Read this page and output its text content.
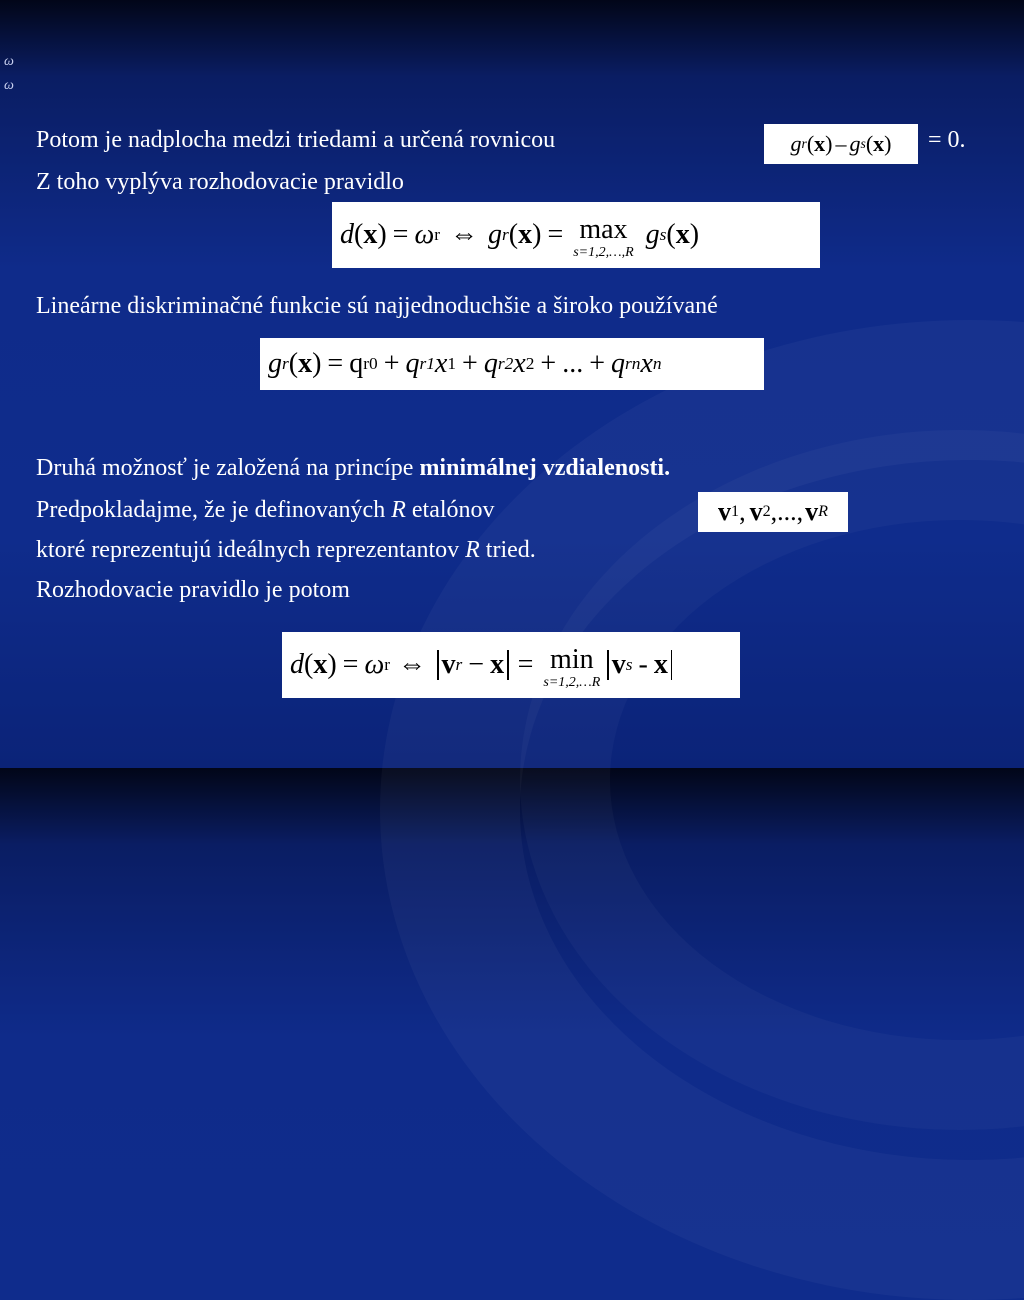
ω
ω
Potom je nadplocha medzi triedami a určená rovnicou	g r ( x ) – g s ( x )	= 0.
Z toho vyplýva rozhodovacie pravidlo
d ( x ) = ω r ⇔ g r ( x ) = max
s=1,2,…,R
g s ( x )
Lineárne diskriminačné funkcie sú najjednoduchšie a široko používané
g r ( x ) = q r0 + q r1 x 1 + q r2 x 2 + ... + q rn x n
Druhá možnosť je založená na princípe minimálnej vzdialenosti.
Predpokladajme, že je definovaných R etalónov	v 1 , v 2 ,..., v R
ktoré reprezentujú ideálnych reprezentantov R tried.
Rozhodovacie pravidlo je potom
d ( x ) = ω r ⇔ v r − x = min
s=1,2,…R
v s - x
